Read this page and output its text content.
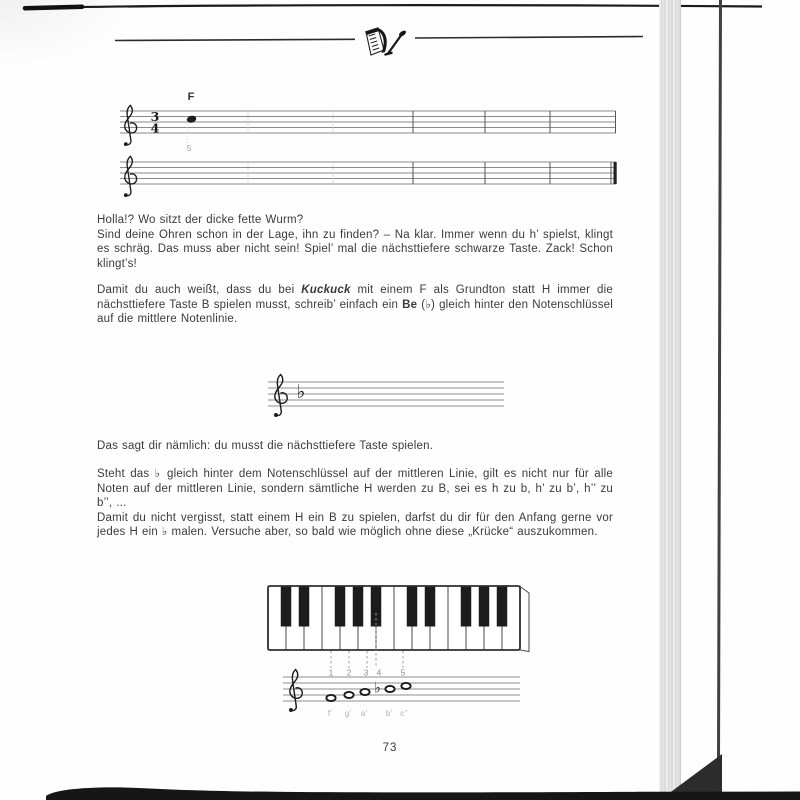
3
4
F
5
♭
1 2 3 4 5
♭
f’ g’ a’ b’ c’’

Holla!? Wo sitzt der dicke fette Wurm?

Sind deine Ohren schon in der Lage, ihn zu finden? – Na klar. Immer wenn du h’ spielst, klingt es schräg. Das muss aber nicht sein! Spiel’ mal die nächsttiefere schwarze Taste. Zack! Schon klingt’s!

Damit du auch weißt, dass du bei Kuckuck mit einem F als Grundton statt H immer die nächsttiefere Taste B spielen musst, schreib’ einfach ein Be (♭) gleich hinter den Notenschlüssel auf die mittlere Notenlinie.

Das sagt dir nämlich: du musst die nächsttiefere Taste spielen.

Steht das ♭ gleich hinter dem Notenschlüssel auf der mittleren Linie, gilt es nicht nur für alle Noten auf der mittleren Linie, sondern sämtliche H werden zu B, sei es h zu b, h’ zu b’, h’’ zu b’’, ...

Damit du nicht vergisst, statt einem H ein B zu spielen, darfst du dir für den Anfang gerne vor jedes H ein ♭ malen. Versuche aber, so bald wie möglich ohne diese „Krücke“ auszukommen.

73
